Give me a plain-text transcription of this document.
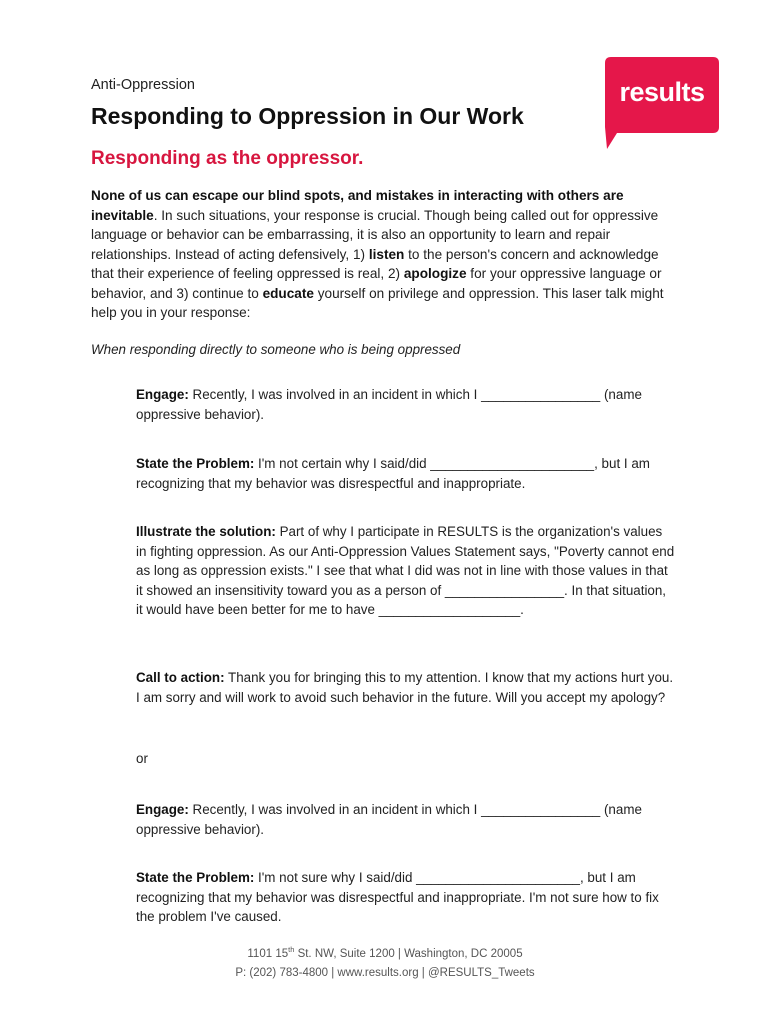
Anti-Oppression	results
Responding to Oppression in Our Work
Responding as the oppressor.
None of us can escape our blind spots, and mistakes in interacting with others are inevitable. In such situations, your response is crucial. Though being called out for oppressive language or behavior can be embarrassing, it is also an opportunity to learn and repair relationships. Instead of acting defensively, 1) listen to the person's concern and acknowledge that their experience of feeling oppressed is real, 2) apologize for your oppressive language or behavior, and 3) continue to educate yourself on privilege and oppression. This laser talk might help you in your response:
When responding directly to someone who is being oppressed
Engage: Recently, I was involved in an incident in which I ________________ (name oppressive behavior).
State the Problem: I'm not certain why I said/did ______________________, but I am recognizing that my behavior was disrespectful and inappropriate.
Illustrate the solution: Part of why I participate in RESULTS is the organization's values in fighting oppression. As our Anti-Oppression Values Statement says, "Poverty cannot end as long as oppression exists." I see that what I did was not in line with those values in that it showed an insensitivity toward you as a person of ________________. In that situation, it would have been better for me to have ___________________.
Call to action: Thank you for bringing this to my attention. I know that my actions hurt you. I am sorry and will work to avoid such behavior in the future. Will you accept my apology?
or
Engage: Recently, I was involved in an incident in which I ________________ (name oppressive behavior).
State the Problem: I'm not sure why I said/did ______________________, but I am recognizing that my behavior was disrespectful and inappropriate. I'm not sure how to fix the problem I've caused.
1101 15th St. NW, Suite 1200 | Washington, DC 20005
P: (202) 783-4800 | www.results.org | @RESULTS_Tweets
